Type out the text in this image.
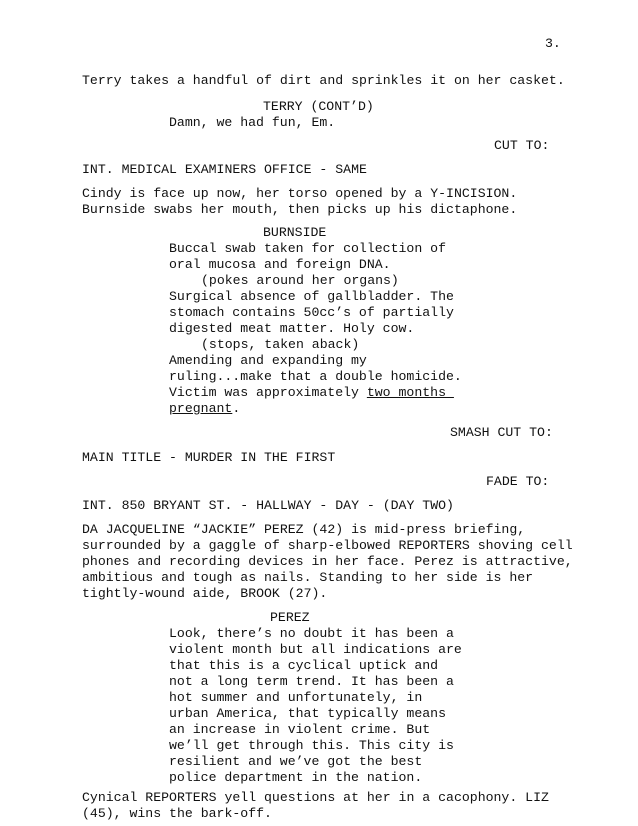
3.
Terry takes a handful of dirt and sprinkles it on her casket.
TERRY (CONT’D)
Damn, we had fun, Em.
CUT TO:
INT. MEDICAL EXAMINERS OFFICE - SAME
Cindy is face up now, her torso opened by a Y-INCISION.
Burnside swabs her mouth, then picks up his dictaphone.
BURNSIDE
Buccal swab taken for collection of
oral mucosa and foreign DNA.
(pokes around her organs)
Surgical absence of gallbladder. The
stomach contains 50cc’s of partially
digested meat matter. Holy cow.
(stops, taken aback)
Amending and expanding my
ruling...make that a double homicide.
Victim was approximately two months
pregnant.
SMASH CUT TO:
MAIN TITLE - MURDER IN THE FIRST
FADE TO:
INT. 850 BRYANT ST. - HALLWAY - DAY - (DAY TWO)
DA JACQUELINE “JACKIE” PEREZ (42) is mid-press briefing,
surrounded by a gaggle of sharp-elbowed REPORTERS shoving cell
phones and recording devices in her face. Perez is attractive,
ambitious and tough as nails. Standing to her side is her
tightly-wound aide, BROOK (27).
PEREZ
Look, there’s no doubt it has been a
violent month but all indications are
that this is a cyclical uptick and
not a long term trend. It has been a
hot summer and unfortunately, in
urban America, that typically means
an increase in violent crime. But
we’ll get through this. This city is
resilient and we’ve got the best
police department in the nation.
Cynical REPORTERS yell questions at her in a cacophony. LIZ
(45), wins the bark-off.
